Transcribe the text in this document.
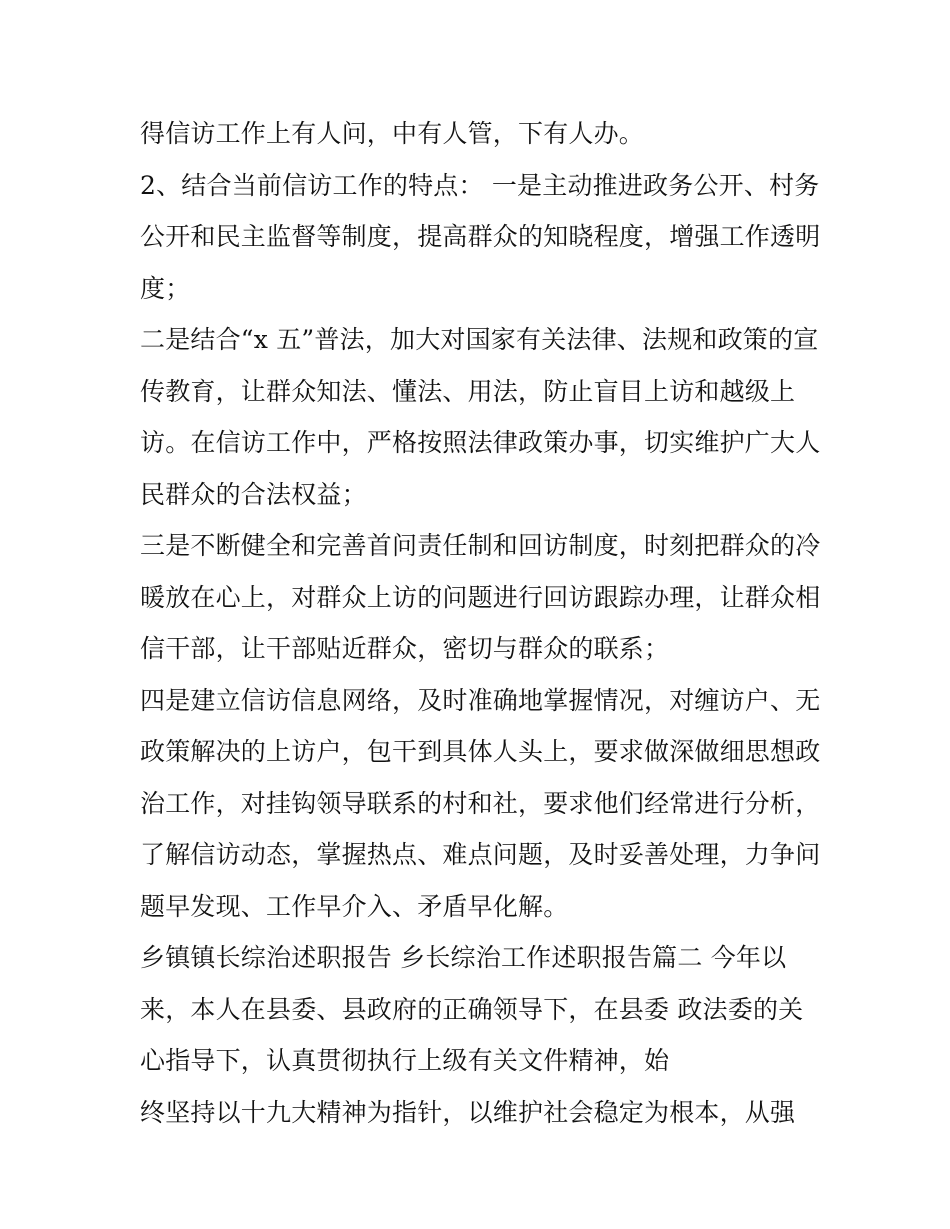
得信访工作上有人问，中有人管，下有人办。
2、结合当前信访工作的特点： 一是主动推进政务公开、村务
公开和民主监督等制度，提高群众的知晓程度，增强工作透明
度；
二是结合“x 五”普法，加大对国家有关法律、法规和政策的宣
传教育，让群众知法、懂法、用法，防止盲目上访和越级上
访。在信访工作中，严格按照法律政策办事，切实维护广大人
民群众的合法权益；
三是不断健全和完善首问责任制和回访制度，时刻把群众的冷
暖放在心上，对群众上访的问题进行回访跟踪办理，让群众相
信干部，让干部贴近群众，密切与群众的联系；
四是建立信访信息网络，及时准确地掌握情况，对缠访户、无
政策解决的上访户，包干到具体人头上，要求做深做细思想政
治工作，对挂钩领导联系的村和社，要求他们经常进行分析，
了解信访动态，掌握热点、难点问题，及时妥善处理，力争问
题早发现、工作早介入、矛盾早化解。
乡镇镇长综治述职报告 乡长综治工作述职报告篇二 今年以
来，本人在县委、县政府的正确领导下，在县委 政法委的关
心指导下，认真贯彻执行上级有关文件精神，始
终坚持以十九大精神为指针，以维护社会稳定为根本，从强
